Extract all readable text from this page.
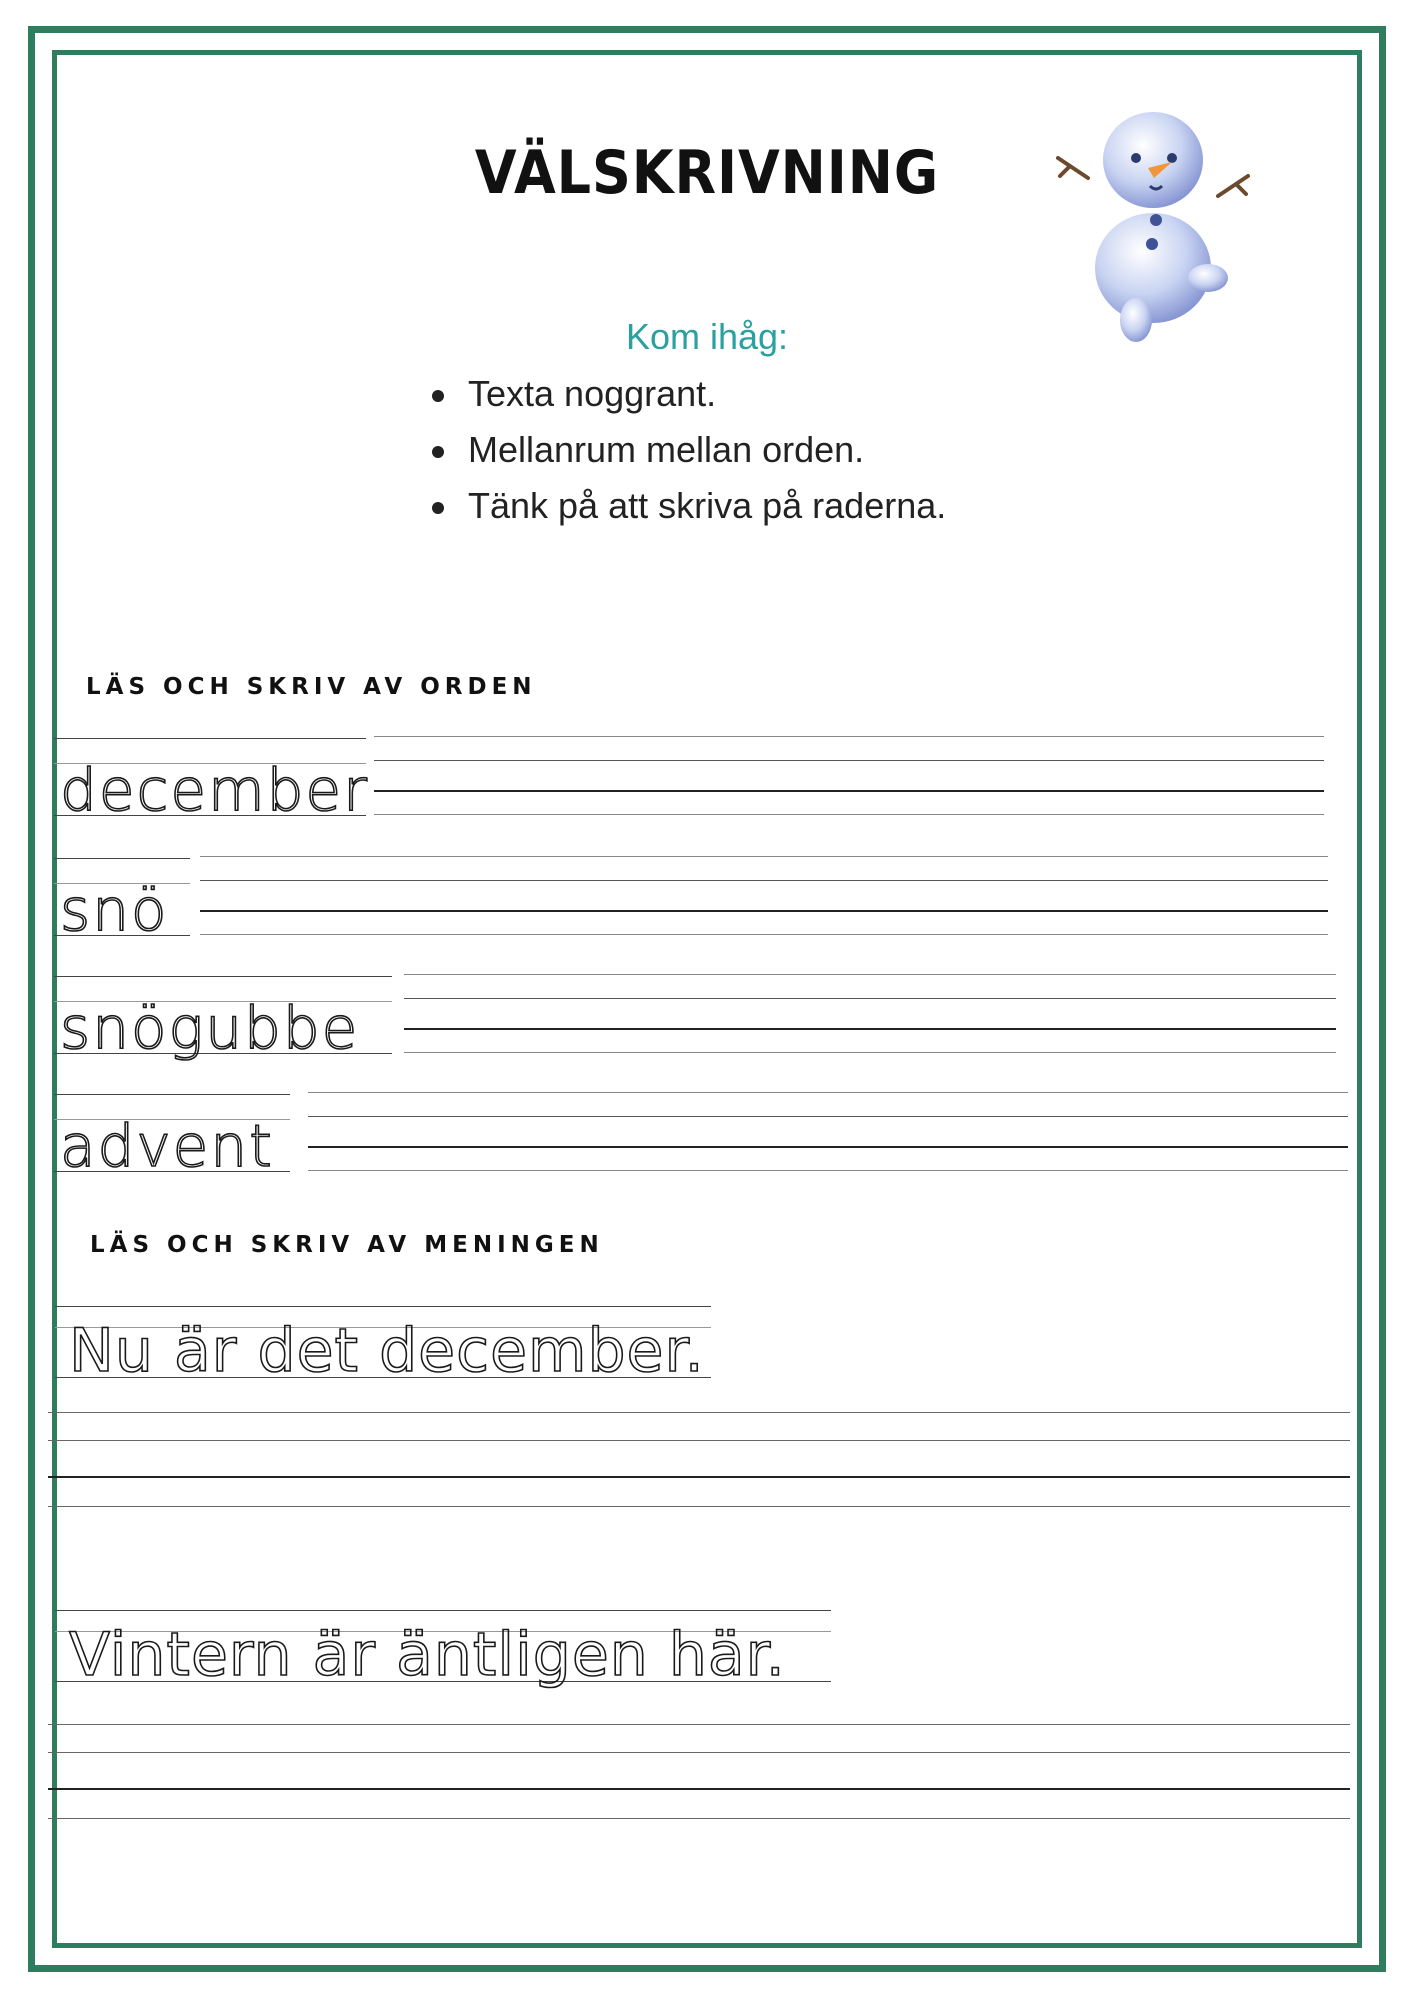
VÄLSKRIVNING
Kom ihåg:
Texta noggrant.
Mellanrum mellan orden.
Tänk på att skriva på raderna.
LÄS OCH SKRIV AV ORDEN
december
snö
snögubbe
advent
LÄS OCH SKRIV AV MENINGEN
Nu är det december.
Vintern är äntligen här.
